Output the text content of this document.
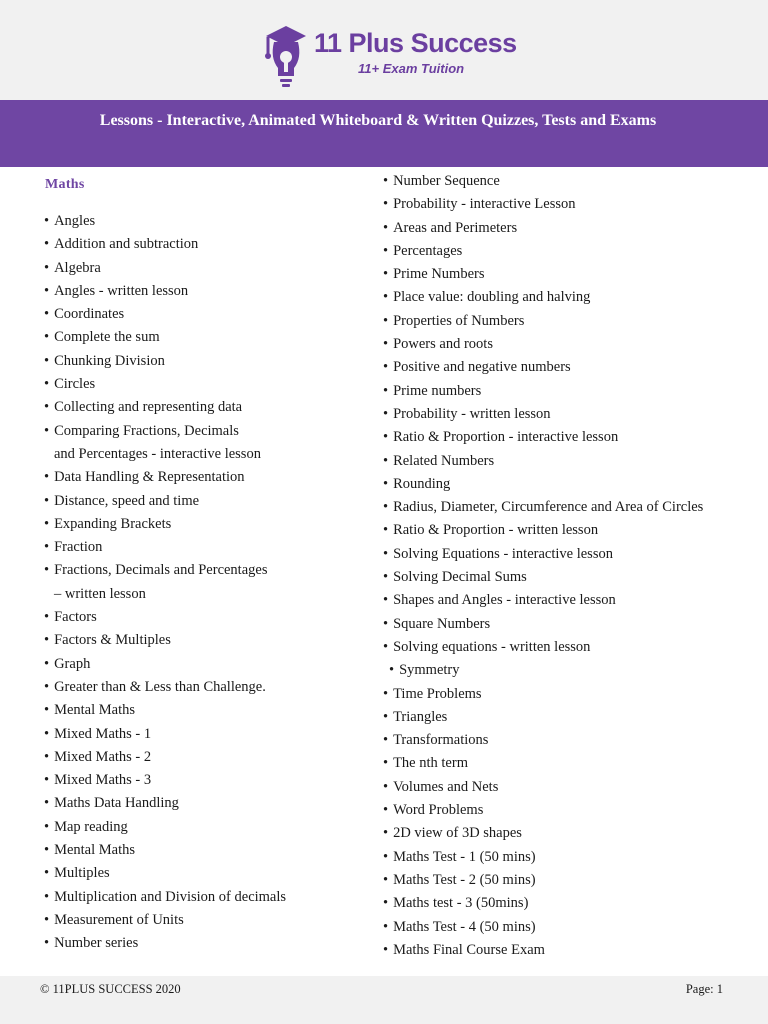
11 Plus Success
11+ Exam Tuition
Lessons - Interactive, Animated Whiteboard & Written Quizzes, Tests and Exams
Maths
• Angles
• Addition and subtraction
• Algebra
• Angles - written lesson
• Coordinates
• Complete the sum
• Chunking Division
• Circles
• Collecting and representing data
• Comparing Fractions, Decimals
and Percentages - interactive lesson
• Data Handling & Representation
• Distance, speed and time
• Expanding Brackets
• Fraction
• Fractions, Decimals and Percentages
– written lesson
• Factors
• Factors & Multiples
• Graph
• Greater than & Less than Challenge.
• Mental Maths
• Mixed Maths - 1
• Mixed Maths - 2
• Mixed Maths - 3
• Maths Data Handling
• Map reading
• Mental Maths
• Multiples
• Multiplication and Division of decimals
• Measurement of Units
• Number series
• Number Sequence
• Probability - interactive Lesson
• Areas and Perimeters
• Percentages
• Prime Numbers
• Place value: doubling and halving
• Properties of Numbers
• Powers and roots
• Positive and negative numbers
• Prime numbers
• Probability - written lesson
• Ratio & Proportion - interactive lesson
• Related Numbers
• Rounding
• Radius, Diameter, Circumference and Area of Circles
• Ratio & Proportion - written lesson
• Solving Equations - interactive lesson
• Solving Decimal Sums
• Shapes and Angles - interactive lesson
• Square Numbers
• Solving equations - written lesson
• Symmetry
• Time Problems
• Triangles
• Transformations
• The nth term
• Volumes and Nets
• Word Problems
• 2D view of 3D shapes
• Maths Test - 1 (50 mins)
• Maths Test - 2 (50 mins)
• Maths test - 3 (50mins)
• Maths Test - 4 (50 mins)
• Maths Final Course Exam
© 11PLUS SUCCESS 2020	Page: 1
